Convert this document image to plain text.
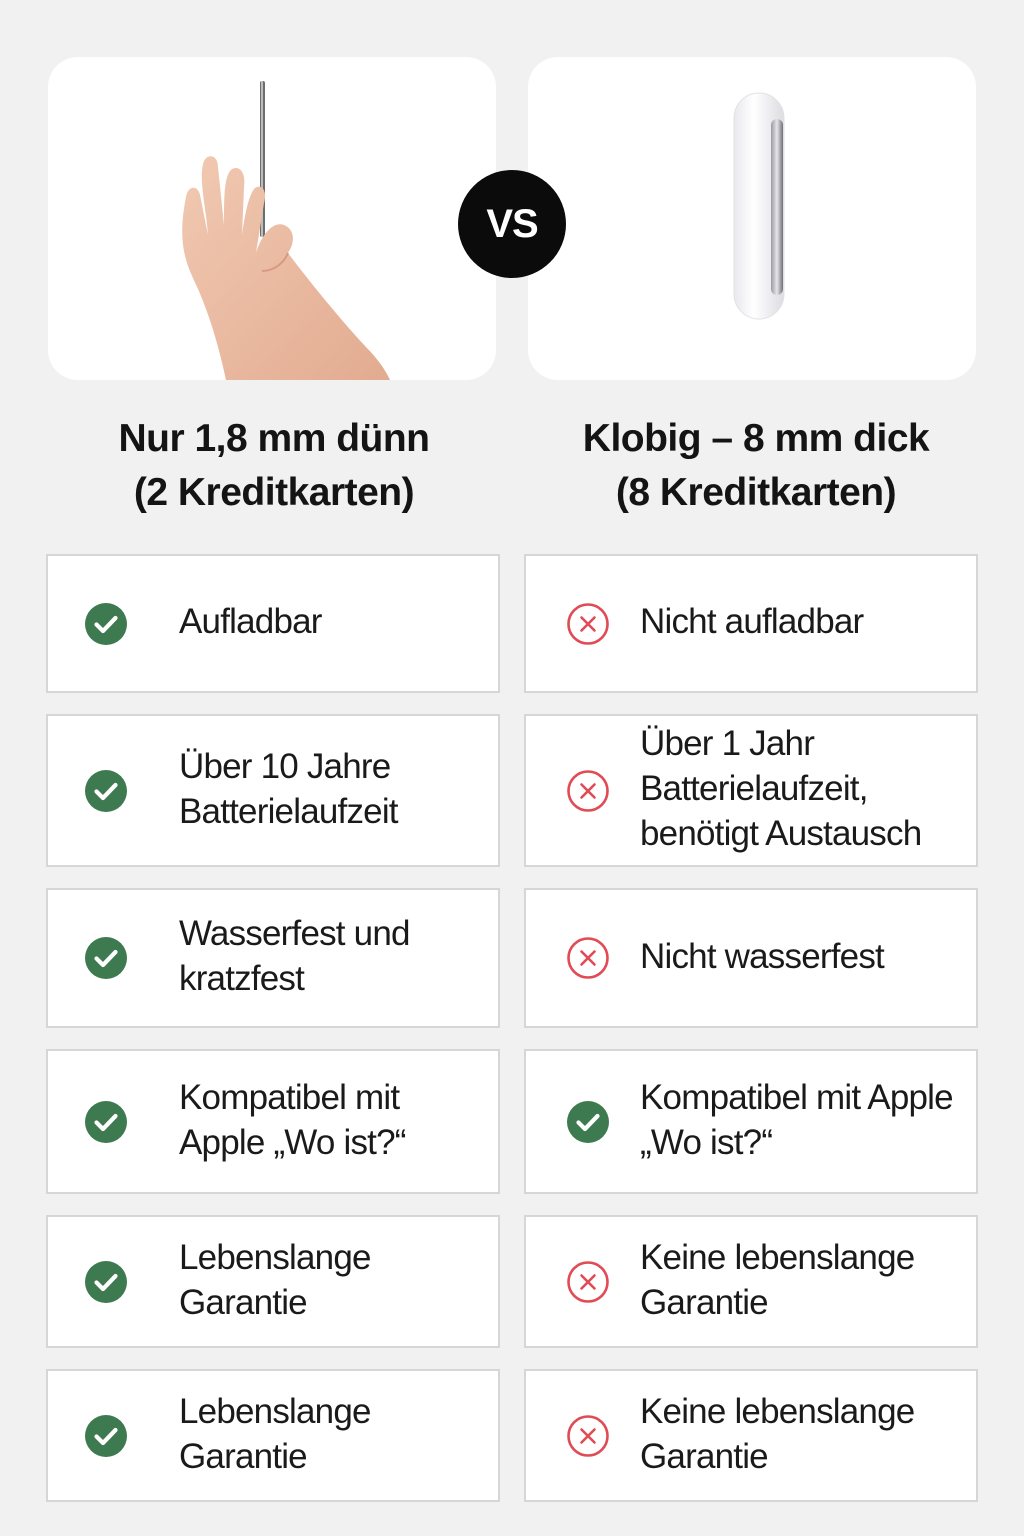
VS
Nur 1,8 mm dünn
(2 Kreditkarten)
Klobig – 8 mm dick
(8 Kreditkarten)
Aufladbar
Über 10 Jahre Batterielaufzeit
Wasserfest und kratzfest
Kompatibel mit Apple „Wo ist?“
Lebenslange Garantie
Lebenslange Garantie
Nicht aufladbar
Über 1 Jahr Batterielaufzeit, benötigt Austausch
Nicht wasserfest
Kompatibel mit Apple „Wo ist?“
Keine lebenslange Garantie
Keine lebenslange Garantie
